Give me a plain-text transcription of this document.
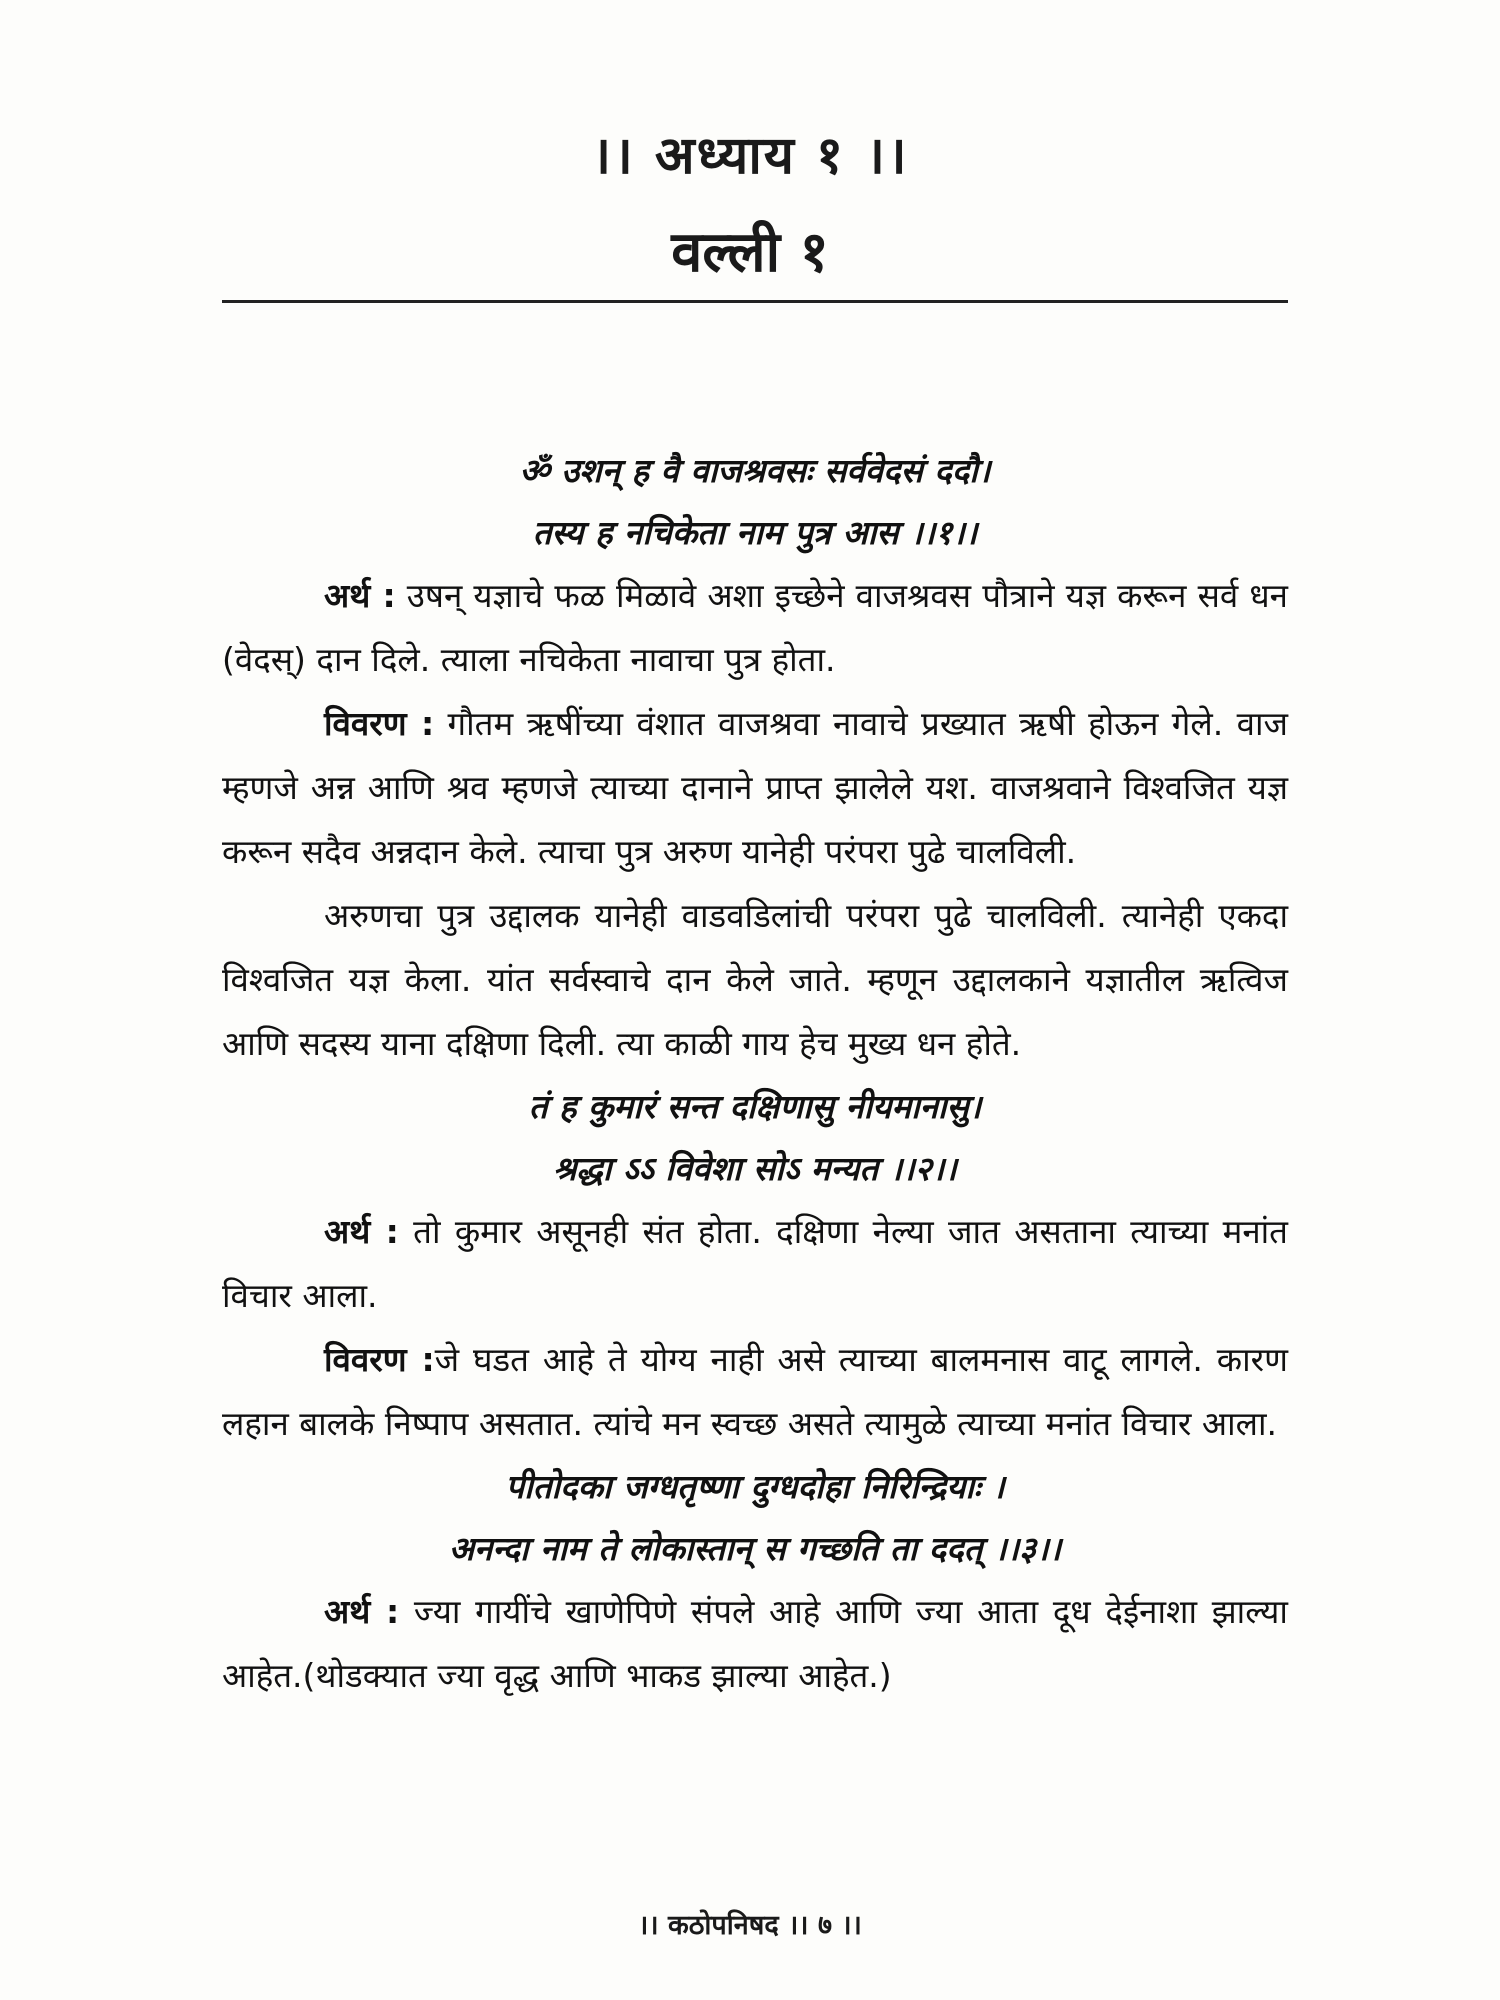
।। अध्याय १ ।।
वल्ली १

ॐ उशन् ह वै वाजश्रवसः सर्ववेदसं ददौ।
तस्य ह नचिकेता नाम पुत्र आस ।।१।।

अर्थ : उषन् यज्ञाचे फळ मिळावे अशा इच्छेने वाजश्रवस पौत्राने यज्ञ करून सर्व धन (वेदस्) दान दिले. त्याला नचिकेता नावाचा पुत्र होता.

विवरण : गौतम ऋषींच्या वंशात वाजश्रवा नावाचे प्रख्यात ऋषी होऊन गेले. वाज म्हणजे अन्न आणि श्रव म्हणजे त्याच्या दानाने प्राप्त झालेले यश. वाजश्रवाने विश्वजित यज्ञ करून सदैव अन्नदान केले. त्याचा पुत्र अरुण यानेही परंपरा पुढे चालविली.

अरुणचा पुत्र उद्दालक यानेही वाडवडिलांची परंपरा पुढे चालविली. त्यानेही एकदा विश्वजित यज्ञ केला. यांत सर्वस्वाचे दान केले जाते. म्हणून उद्दालकाने यज्ञातील ऋत्विज आणि सदस्य याना दक्षिणा दिली. त्या काळी गाय हेच मुख्य धन होते.

तं ह कुमारं सन्त दक्षिणासु नीयमानासु।
श्रद्धा ऽऽ विवेशा सोऽ मन्यत ।।२।।

अर्थ : तो कुमार असूनही संत होता. दक्षिणा नेल्या जात असताना त्याच्या मनांत विचार आला.

विवरण :जे घडत आहे ते योग्य नाही असे त्याच्या बालमनास वाटू लागले. कारण लहान बालके निष्पाप असतात. त्यांचे मन स्वच्छ असते त्यामुळे त्याच्या मनांत विचार आला.

पीतोदका जग्धतृष्णा दुग्धदोहा निरिन्द्रियाः ।
अनन्दा नाम ते लोकास्तान् स गच्छति ता ददत् ।।३।।

अर्थ : ज्या गायींचे खाणेपिणे संपले आहे आणि ज्या आता दूध देईनाशा झाल्या आहेत.(थोडक्यात ज्या वृद्ध आणि भाकड झाल्या आहेत.)

।। कठोपनिषद ।। ७ ।।
